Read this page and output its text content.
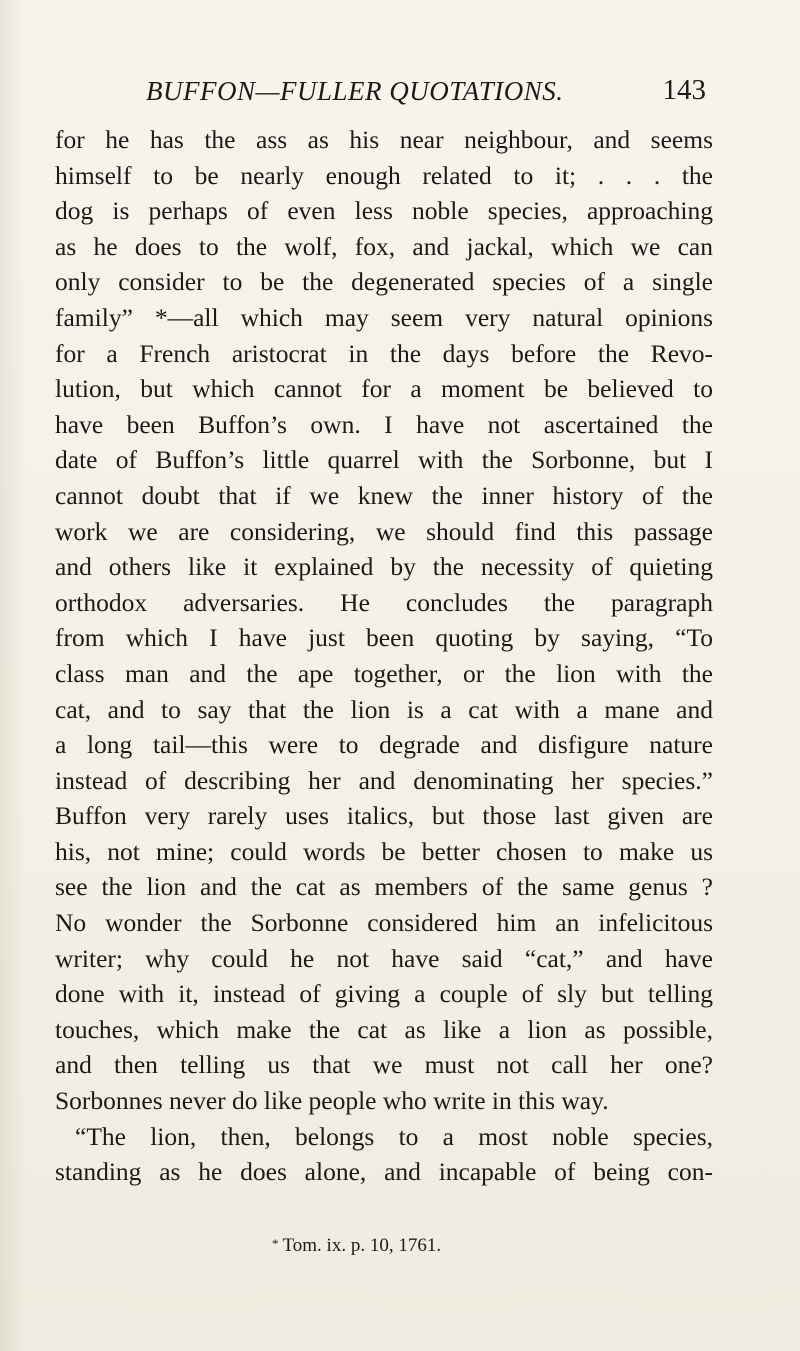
BUFFON—FULLER QUOTATIONS.	143
for he has the ass as his near neighbour, and seems
himself to be nearly enough related to it; . . . the
dog is perhaps of even less noble species, approaching
as he does to the wolf, fox, and jackal, which we can
only consider to be the degenerated species of a single
family” *—all which may seem very natural opinions
for a French aristocrat in the days before the Revo-
lution, but which cannot for a moment be believed to
have been Buffon’s own. I have not ascertained the
date of Buffon’s little quarrel with the Sorbonne, but I
cannot doubt that if we knew the inner history of the
work we are considering, we should find this passage
and others like it explained by the necessity of quieting
orthodox adversaries. He concludes the paragraph
from which I have just been quoting by saying, “To
class man and the ape together, or the lion with the
cat, and to say that the lion is a cat with a mane and
a long tail—this were to degrade and disfigure nature
instead of describing her and denominating her species.”
Buffon very rarely uses italics, but those last given are
his, not mine; could words be better chosen to make us
see the lion and the cat as members of the same genus ?
No wonder the Sorbonne considered him an infelicitous
writer; why could he not have said “cat,” and have
done with it, instead of giving a couple of sly but telling
touches, which make the cat as like a lion as possible,
and then telling us that we must not call her one?
Sorbonnes never do like people who write in this way.
“The lion, then, belongs to a most noble species,
standing as he does alone, and incapable of being con-
* Tom. ix. p. 10, 1761.
